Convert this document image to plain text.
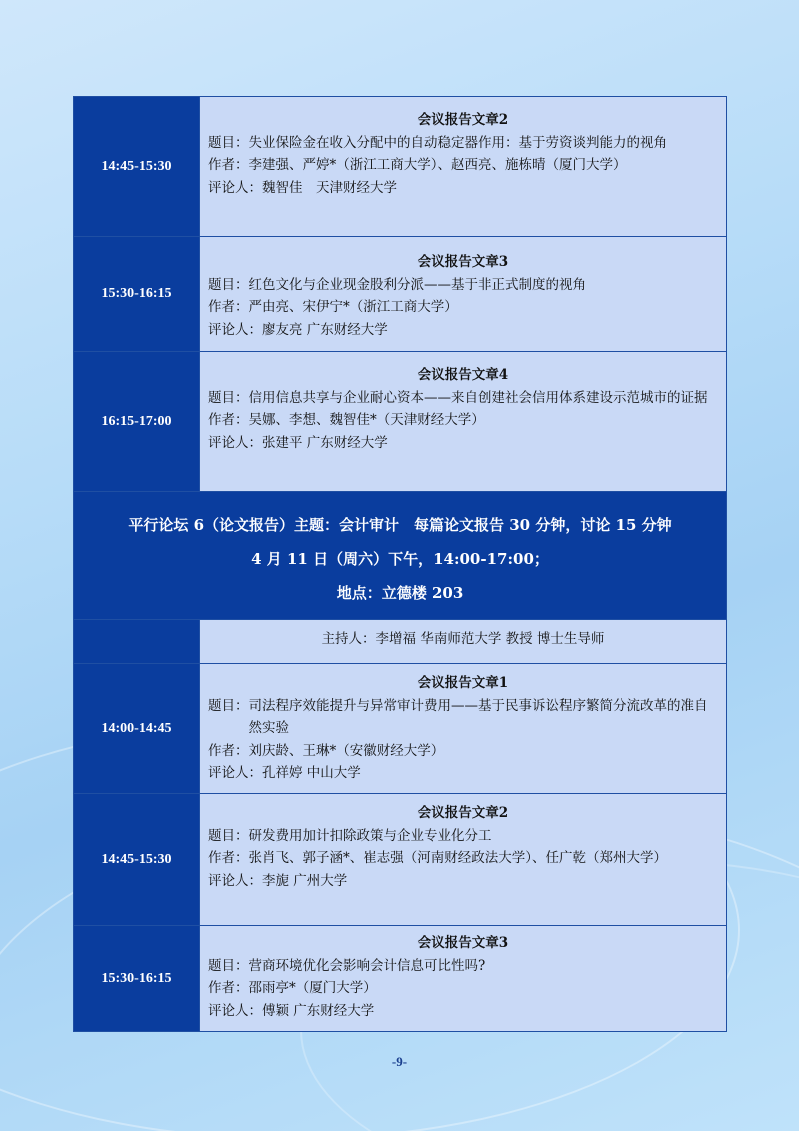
14:45-15:30
会议报告文章2
题目： 失业保险金在收入分配中的自动稳定器作用：基于劳资谈判能力的视角
作者： 李建强、严婷*（浙江工商大学）、赵西亮、施栋晴（厦门大学）
评论人： 魏智佳　天津财经大学
15:30-16:15
会议报告文章3
题目： 红色文化与企业现金股利分派——基于非正式制度的视角
作者： 严由亮、宋伊宁*（浙江工商大学）
评论人： 廖友亮 广东财经大学
16:15-17:00
会议报告文章4
题目： 信用信息共享与企业耐心资本——来自创建社会信用体系建设示范城市的证据
作者： 吴娜、李想、魏智佳*（天津财经大学）
评论人： 张建平 广东财经大学
平行论坛 6（论文报告）主题：会计审计　每篇论文报告 30 分钟，讨论 15 分钟
4 月 11 日（周六）下午，14:00-17:00；
地点：立德楼 203
主持人：李增福 华南师范大学 教授 博士生导师
14:00-14:45
会议报告文章1
题目： 司法程序效能提升与异常审计费用——基于民事诉讼程序繁简分流改革的准自然实验
作者： 刘庆龄、王琳*（安徽财经大学）
评论人： 孔祥婷 中山大学
14:45-15:30
会议报告文章2
题目： 研发费用加计扣除政策与企业专业化分工
作者： 张肖飞、郭子涵*、崔志强（河南财经政法大学）、任广乾（郑州大学）
评论人： 李旎 广州大学
15:30-16:15
会议报告文章3
题目： 营商环境优化会影响会计信息可比性吗?
作者： 邵雨亭*（厦门大学）
评论人： 傅颖 广东财经大学
-9-
